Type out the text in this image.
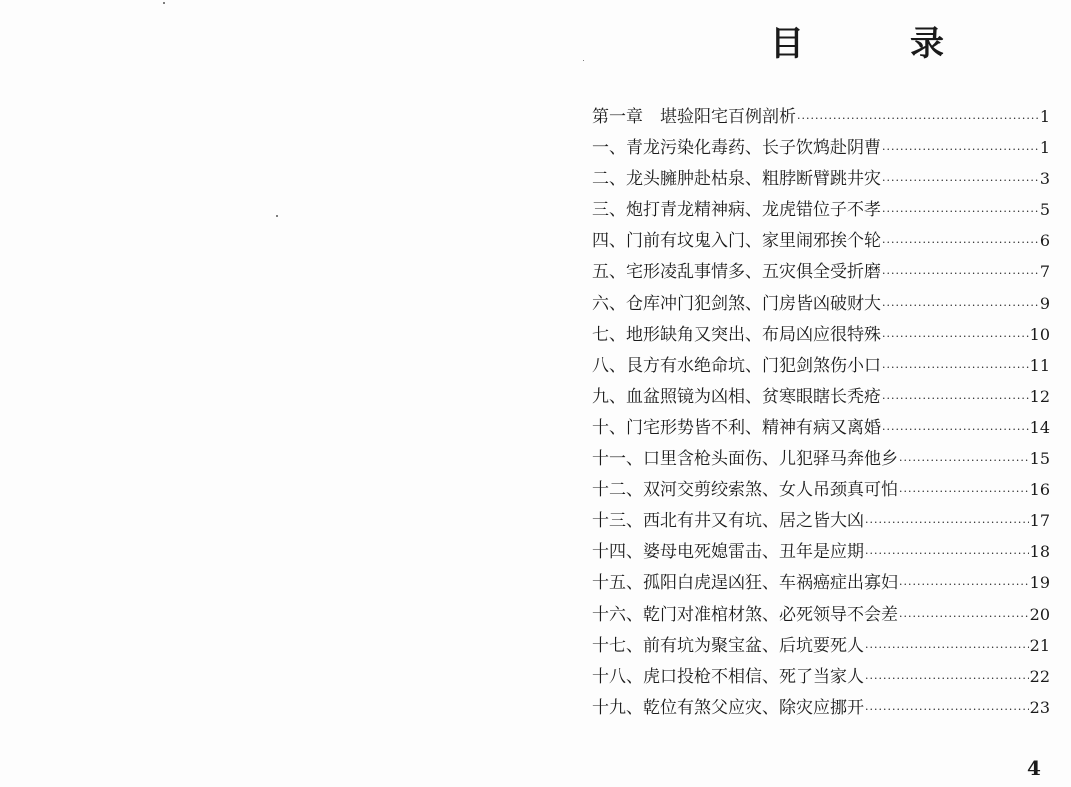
目　录
第一章　堪验阳宅百例剖析 ·····	1
一、青龙污染化毒药、长子饮鸩赴阴曹 ·····	1
二、龙头臃肿赴枯泉、粗脖断臂跳井灾 ·····	3
三、炮打青龙精神病、龙虎错位子不孝 ·····	5
四、门前有坟鬼入门、家里闹邪挨个轮 ·····	6
五、宅形凌乱事情多、五灾俱全受折磨 ·····	7
六、仓库冲门犯剑煞、门房皆凶破财大 ·····	9
七、地形缺角又突出、布局凶应很特殊 ·····	10
八、艮方有水绝命坑、门犯剑煞伤小口 ·····	11
九、血盆照镜为凶相、贫寒眼瞎长秃疮 ·····	12
十、门宅形势皆不利、精神有病又离婚 ·····	14
十一、口里含枪头面伤、儿犯驿马奔他乡 ·····	15
十二、双河交剪绞索煞、女人吊颈真可怕 ·····	16
十三、西北有井又有坑、居之皆大凶 ·····	17
十四、婆母电死媳雷击、丑年是应期 ·····	18
十五、孤阳白虎逞凶狂、车祸癌症出寡妇 ·····	19
十六、乾门对准棺材煞、必死领导不会差 ·····	20
十七、前有坑为聚宝盆、后坑要死人 ·····	21
十八、虎口投枪不相信、死了当家人 ·····	22
十九、乾位有煞父应灾、除灾应挪开 ·····	23
4
